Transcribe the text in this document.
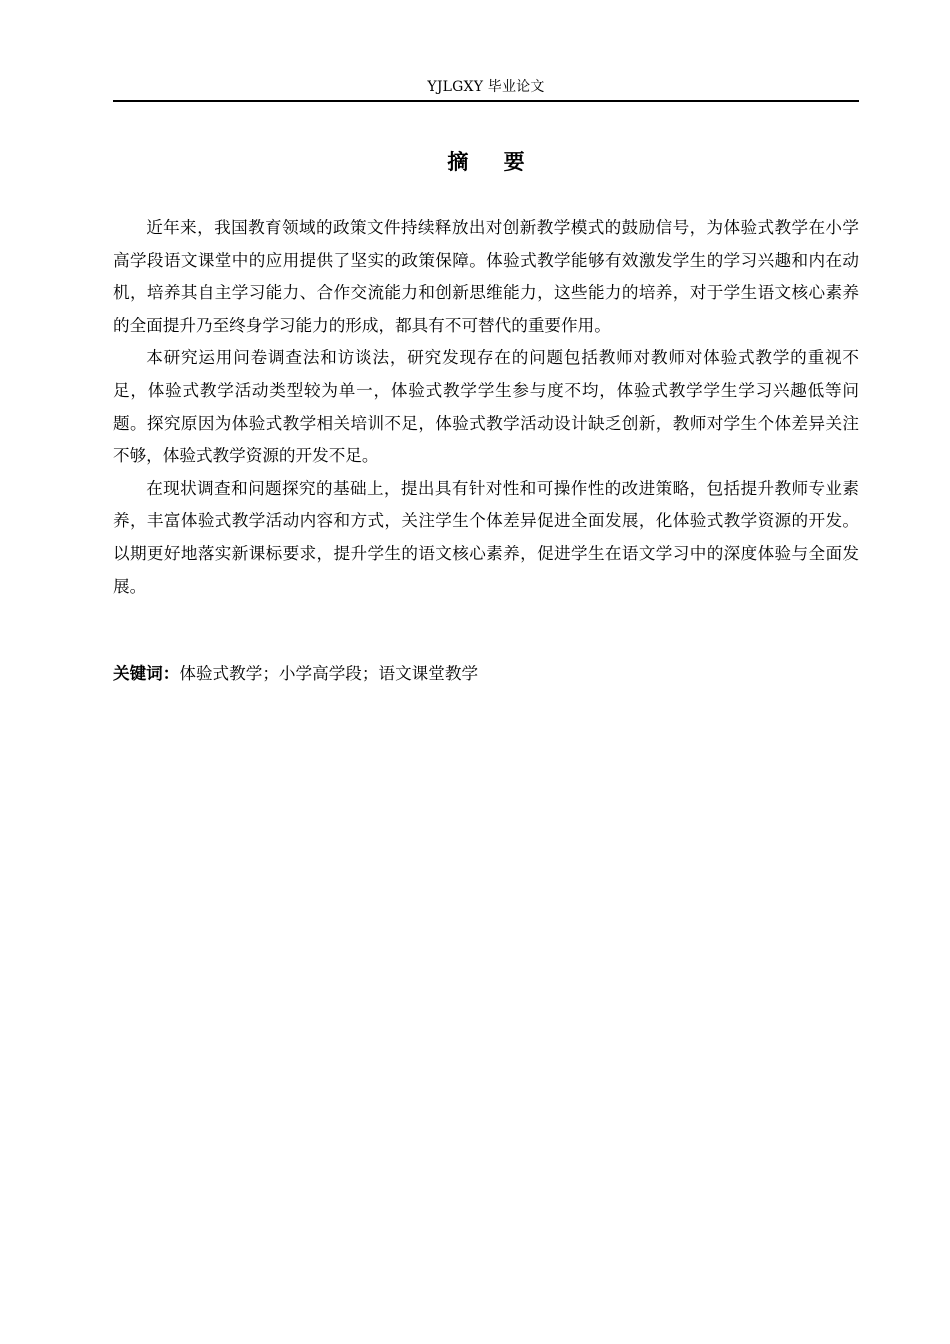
YJLGXY 毕业论文
摘 要

近年来，我国教育领域的政策文件持续释放出对创新教学模式的鼓励信号，为体验式教学在小学高学段语文课堂中的应用提供了坚实的政策保障。体验式教学能够有效激发学生的学习兴趣和内在动机，培养其自主学习能力、合作交流能力和创新思维能力，这些能力的培养，对于学生语文核心素养的全面提升乃至终身学习能力的形成，都具有不可替代的重要作用。

本研究运用问卷调查法和访谈法，研究发现存在的问题包括教师对教师对体验式教学的重视不足，体验式教学活动类型较为单一，体验式教学学生参与度不均，体验式教学学生学习兴趣低等问题。探究原因为体验式教学相关培训不足，体验式教学活动设计缺乏创新，教师对学生个体差异关注不够，体验式教学资源的开发不足。

在现状调查和问题探究的基础上，提出具有针对性和可操作性的改进策略，包括提升教师专业素养，丰富体验式教学活动内容和方式，关注学生个体差异促进全面发展，化体验式教学资源的开发。以期更好地落实新课标要求，提升学生的语文核心素养，促进学生在语文学习中的深度体验与全面发展。

关键词：体验式教学；小学高学段；语文课堂教学
